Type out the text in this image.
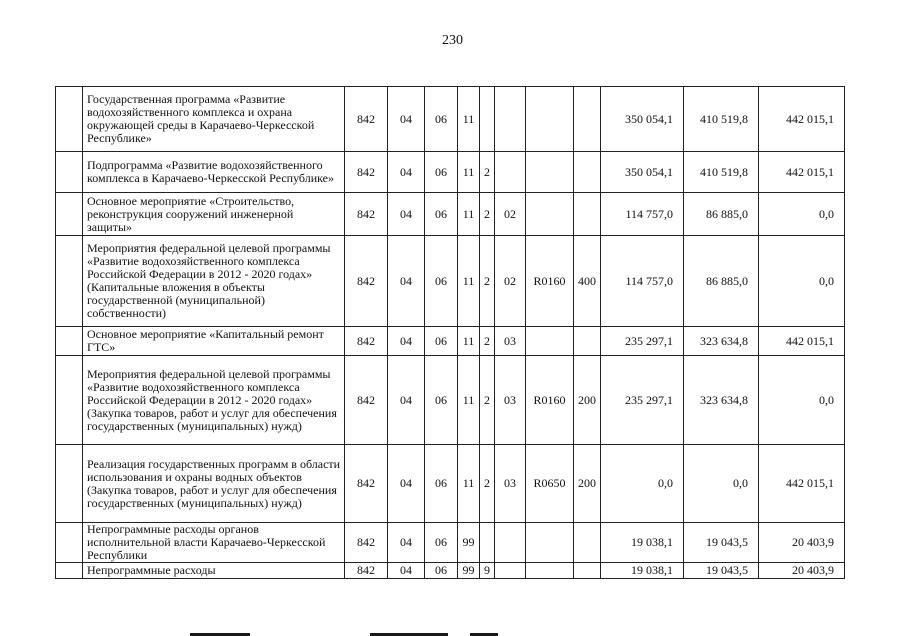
230
	Государственная программа «Развитие водохозяйственного комплекса и охрана окружающей среды в Карачаево-Черкесской Республике»	842	04	06	11					350 054,1	410 519,8	442 015,1
	Подпрограмма «Развитие водохозяйственного комплекса в Карачаево-Черкесской Республике»	842	04	06	11	2				350 054,1	410 519,8	442 015,1
	Основное мероприятие «Строительство, реконструкция сооружений инженерной защиты»	842	04	06	11	2	02			114 757,0	86 885,0	0,0
	Мероприятия федеральной целевой программы «Развитие водохозяйственного комплекса Российской Федерации в 2012 - 2020 годах» (Капитальные вложения в объекты государственной (муниципальной) собственности)	842	04	06	11	2	02	R0160	400	114 757,0	86 885,0	0,0
	Основное мероприятие «Капитальный ремонт ГТС»	842	04	06	11	2	03			235 297,1	323 634,8	442 015,1
	Мероприятия федеральной целевой программы «Развитие водохозяйственного комплекса Российской Федерации в 2012 - 2020 годах» (Закупка товаров, работ и услуг для обеспечения государственных (муниципальных) нужд)	842	04	06	11	2	03	R0160	200	235 297,1	323 634,8	0,0
	Реализация государственных программ в области использования и охраны водных объектов (Закупка товаров, работ и услуг для обеспечения государственных (муниципальных) нужд)	842	04	06	11	2	03	R0650	200	0,0	0,0	442 015,1
	Непрограммные расходы органов исполнительной власти Карачаево-Черкесской Республики	842	04	06	99					19 038,1	19 043,5	20 403,9
	Непрограммные расходы	842	04	06	99	9				19 038,1	19 043,5	20 403,9
